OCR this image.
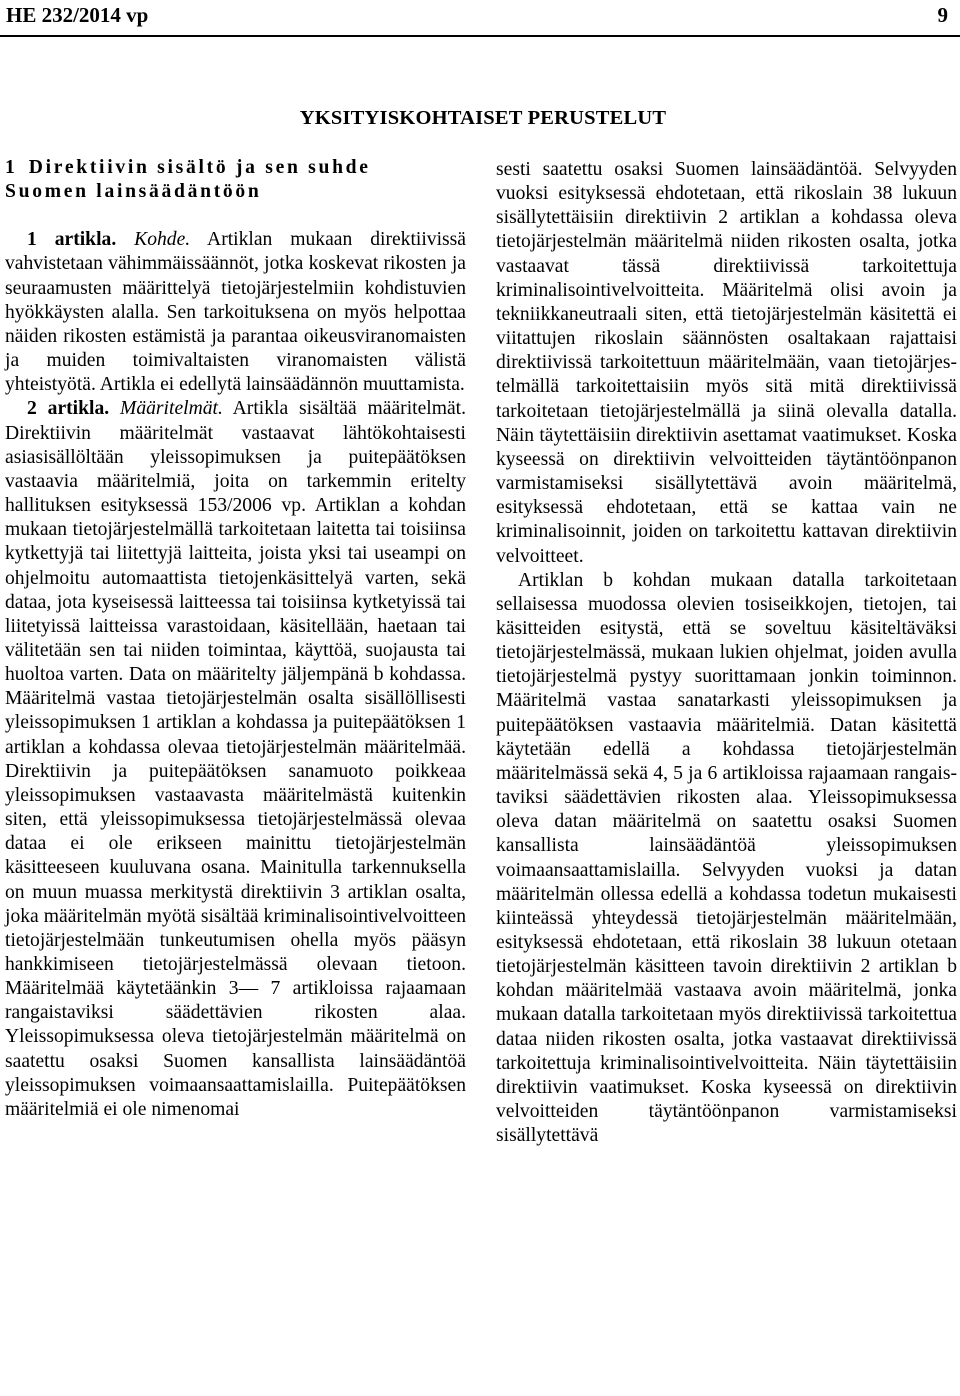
HE 232/2014 vp	9
YKSITYISKOHTAISET PERUSTELUT

1 Direktiivin sisältö ja sen suhde

Suomen lainsäädäntöön

1 artikla. Kohde. Artiklan mukaan direktiivissä vahvistetaan vähimmäissäännöt, jotka koskevat rikosten ja seuraamusten määrittelyä tietojärjestelmiin kohdistuvien hyökkäysten alalla. Sen tarkoituksena on myös helpottaa näiden rikosten estämistä ja parantaa oikeusviranomaisten ja muiden toimivaltaisten viranomaisten välistä yhteistyötä. Artikla ei edellytä lainsäädännön muuttamista.

2 artikla. Määritelmät. Artikla sisältää määritelmät. Direktiivin määritelmät vastaavat lähtökohtaisesti asiasisällöltään yleissopimuksen ja puitepäätöksen vastaavia määritelmiä, joita on tarkemmin eritelty hallituksen esityksessä 153/2006 vp. Artiklan a kohdan mukaan tietojärjestelmällä tarkoitetaan laitetta tai toisiinsa kytkettyjä tai liitettyjä laitteita, joista yksi tai useampi on ohjelmoitu automaattista tietojenkäsittelyä varten, sekä dataa, jota kyseisessä laitteessa tai toisiinsa kytketyissä tai liitetyissä laitteissa varastoidaan, käsitellään, haetaan tai välitetään sen tai niiden toimintaa, käyttöä, suojausta tai huoltoa varten. Data on määritelty jäljempänä b kohdassa. Määritelmä vastaa tietojärjestelmän osalta sisällöllisesti yleissopimuksen 1 artiklan a kohdassa ja puitepäätöksen 1 artiklan a kohdassa olevaa tietojärjestelmän määritelmää. Direktiivin ja puitepäätöksen sanamuoto poikkeaa yleissopimuksen vastaavasta määritelmästä kuitenkin siten, että yleissopimuksessa tietojärjestelmässä olevaa dataa ei ole erikseen mainittu tietojärjestelmän käsitteeseen kuuluvana osana. Mainitulla tarkennuksella on muun muassa merkitystä direktiivin 3 artiklan osalta, joka määritelmän myötä sisältää kriminalisointivelvoitteen tietojärjestelmään tunkeutumisen ohella myös pääsyn hankkimiseen tietojärjestelmässä olevaan tietoon. Määritelmää käytetäänkin 3— 7 artikloissa rajaamaan rangaistaviksi säädettävien rikosten alaa. Yleissopimuksessa oleva tietojärjestelmän määritelmä on saatettu osaksi Suomen kansallista lainsäädäntöä yleissopimuksen voimaansaattamislailla. Puitepäätöksen määritelmiä ei ole nimenomai

sesti saatettu osaksi Suomen lainsäädäntöä. Selvyyden vuoksi esityksessä ehdotetaan, että rikoslain 38 lukuun sisällytettäisiin direktiivin 2 artiklan a kohdassa oleva tietojärjestelmän määritelmä niiden rikosten osalta, jotka vastaavat tässä direktiivissä tarkoitettuja kriminalisointivelvoitteita. Määritelmä olisi avoin ja tekniikkaneutraali siten, että tietojärjestelmän käsitettä ei viitattujen rikoslain säännösten osaltakaan rajattaisi direktiivissä tarkoitettuun määritelmään, vaan tietojärjestelmällä tarkoitettaisiin myös sitä mitä direktiivissä tarkoitetaan tietojärjestelmällä ja siinä olevalla datalla. Näin täytettäisiin direktiivin asettamat vaatimukset. Koska kyseessä on direktiivin velvoitteiden täytäntöönpanon varmistamiseksi sisällytettävä avoin määritelmä, esityksessä ehdotetaan, että se kattaa vain ne kriminalisoinnit, joiden on tarkoitettu kattavan direktiivin velvoitteet.

Artiklan b kohdan mukaan datalla tarkoitetaan sellaisessa muodossa olevien tosiseikkojen, tietojen, tai käsitteiden esitystä, että se soveltuu käsiteltäväksi tietojärjestelmässä, mukaan lukien ohjelmat, joiden avulla tietojärjestelmä pystyy suorittamaan jonkin toiminnon. Määritelmä vastaa sanatarkasti yleissopimuksen ja puitepäätöksen vastaavia määritelmiä. Datan käsitettä käytetään edellä a kohdassa tietojärjestelmän määritelmässä sekä 4, 5 ja 6 artikloissa rajaamaan rangaistaviksi säädettävien rikosten alaa. Yleissopimuksessa oleva datan määritelmä on saatettu osaksi Suomen kansallista lainsäädäntöä yleissopimuksen voimaansaattamislailla. Selvyyden vuoksi ja datan määritelmän ollessa edellä a kohdassa todetun mukaisesti kiinteässä yhteydessä tietojärjestelmän määritelmään, esityksessä ehdotetaan, että rikoslain 38 lukuun otetaan tietojärjestelmän käsitteen tavoin direktiivin 2 artiklan b kohdan määritelmää vastaava avoin määritelmä, jonka mukaan datalla tarkoitetaan myös direktiivissä tarkoitettua dataa niiden rikosten osalta, jotka vastaavat direktiivissä tarkoitettuja kriminalisointivelvoitteita. Näin täytettäisiin direktiivin vaatimukset. Koska kyseessä on direktiivin velvoitteiden täytäntöönpanon varmistamiseksi sisällytettävä
